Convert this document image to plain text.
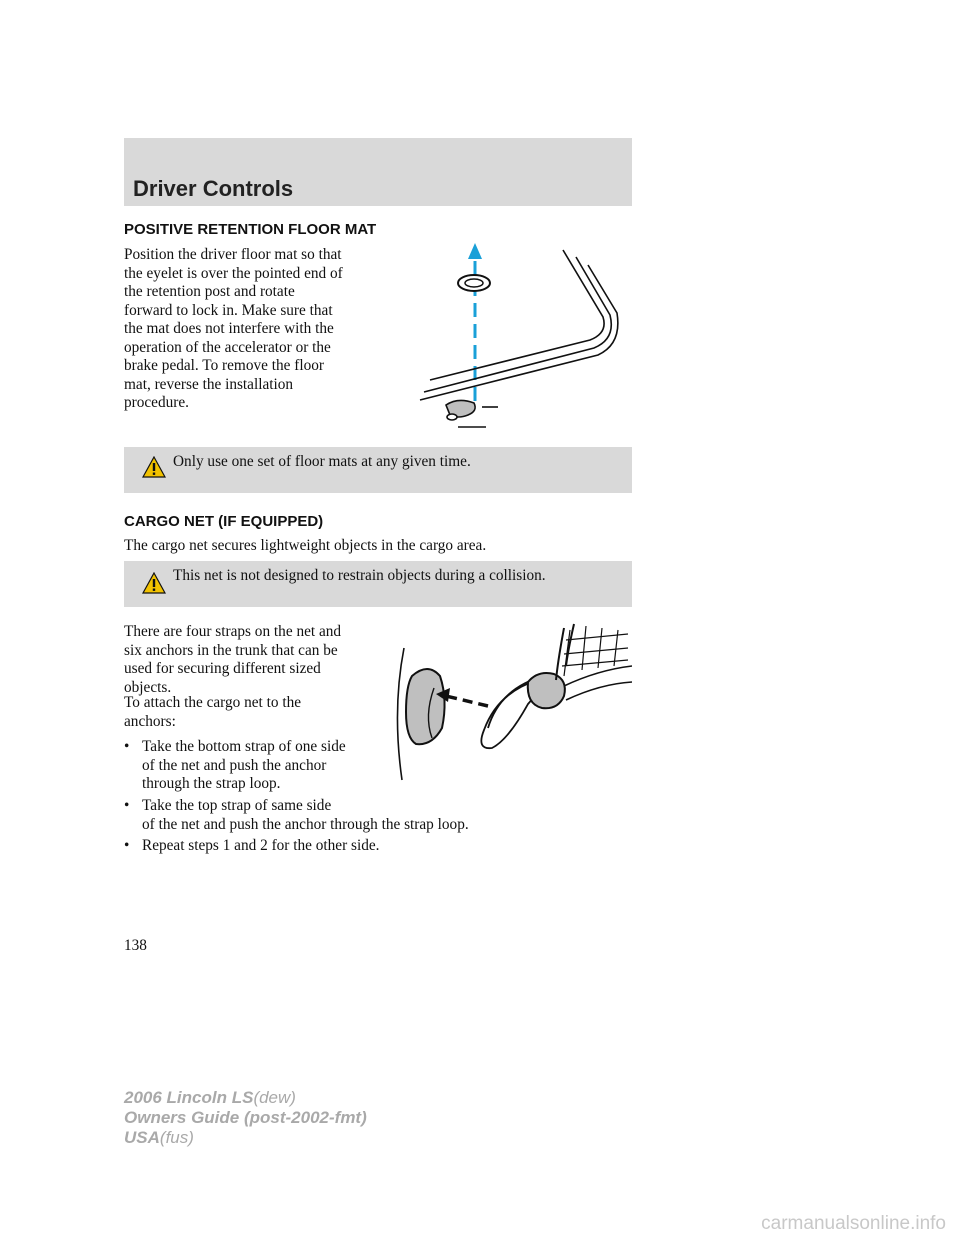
Driver Controls
POSITIVE RETENTION FLOOR MAT
Position the driver floor mat so that
the eyelet is over the pointed end of
the retention post and rotate
forward to lock in. Make sure that
the mat does not interfere with the
operation of the accelerator or the
brake pedal. To remove the floor
mat, reverse the installation
procedure.
Only use one set of floor mats at any given time.
CARGO NET (IF EQUIPPED)
The cargo net secures lightweight objects in the cargo area.
This net is not designed to restrain objects during a collision.
There are four straps on the net and
six anchors in the trunk that can be
used for securing different sized
objects.
To attach the cargo net to the
anchors:
• Take the bottom strap of one side
of the net and push the anchor
through the strap loop.
• Take the top strap of same side
of the net and push the anchor through the strap loop.
• Repeat steps 1 and 2 for the other side.
138
2006 Lincoln LS(dew)
Owners Guide (post-2002-fmt)
USA(fus)
carmanualsonline.info
